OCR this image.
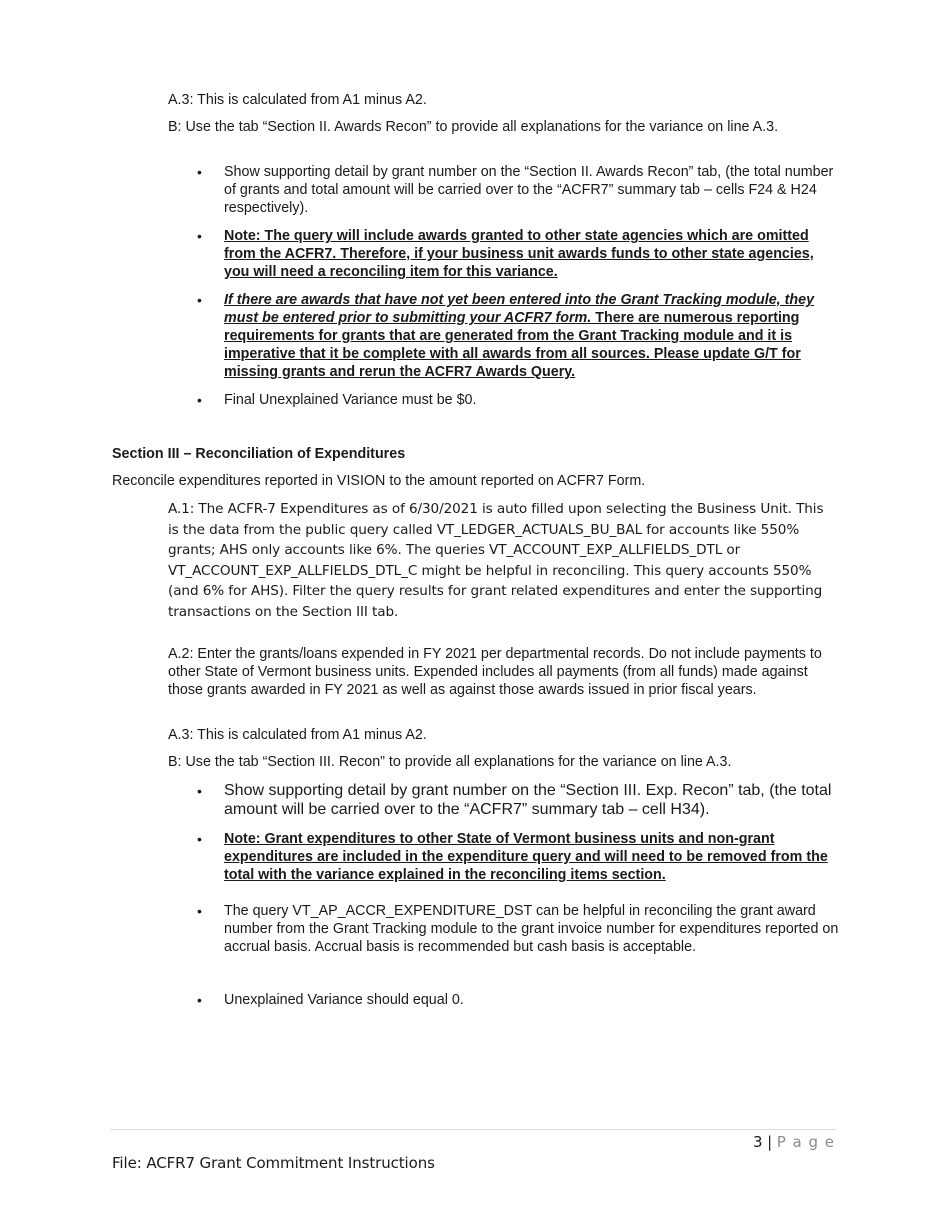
A.3: This is calculated from A1 minus A2.

B: Use the tab “Section II. Awards Recon” to provide all explanations for the variance on line A.3.

• Show supporting detail by grant number on the “Section II. Awards Recon” tab, (the total number of grants and total amount will be carried over to the “ACFR7” summary tab – cells F24 & H24 respectively).

• Note: The query will include awards granted to other state agencies which are omitted from the ACFR7. Therefore, if your business unit awards funds to other state agencies, you will need a reconciling item for this variance.

• If there are awards that have not yet been entered into the Grant Tracking module, they must be entered prior to submitting your ACFR7 form. There are numerous reporting requirements for grants that are generated from the Grant Tracking module and it is imperative that it be complete with all awards from all sources. Please update G/T for missing grants and rerun the ACFR7 Awards Query.

• Final Unexplained Variance must be $0.

Section III – Reconciliation of Expenditures

Reconcile expenditures reported in VISION to the amount reported on ACFR7 Form.

A.1: The ACFR-7 Expenditures as of 6/30/2021 is auto filled upon selecting the Business Unit. This is the data from the public query called VT_LEDGER_ACTUALS_BU_BAL for accounts like 550% grants; AHS only accounts like 6%. The queries VT_ACCOUNT_EXP_ALLFIELDS_DTL or VT_ACCOUNT_EXP_ALLFIELDS_DTL_C might be helpful in reconciling. This query accounts 550% (and 6% for AHS). Filter the query results for grant related expenditures and enter the supporting transactions on the Section III tab.

A.2: Enter the grants/loans expended in FY 2021 per departmental records. Do not include payments to other State of Vermont business units. Expended includes all payments (from all funds) made against those grants awarded in FY 2021 as well as against those awards issued in prior fiscal years.

A.3: This is calculated from A1 minus A2.

B: Use the tab “Section III. Recon” to provide all explanations for the variance on line A.3.

• Show supporting detail by grant number on the “Section III. Exp. Recon” tab, (the total amount will be carried over to the “ACFR7” summary tab – cell H34).

• Note: Grant expenditures to other State of Vermont business units and non-grant expenditures are included in the expenditure query and will need to be removed from the total with the variance explained in the reconciling items section.

• The query VT_AP_ACCR_EXPENDITURE_DST can be helpful in reconciling the grant award number from the Grant Tracking module to the grant invoice number for expenditures reported on accrual basis. Accrual basis is recommended but cash basis is acceptable.

• Unexplained Variance should equal 0.

3 | P a g e

File: ACFR7 Grant Commitment Instructions
